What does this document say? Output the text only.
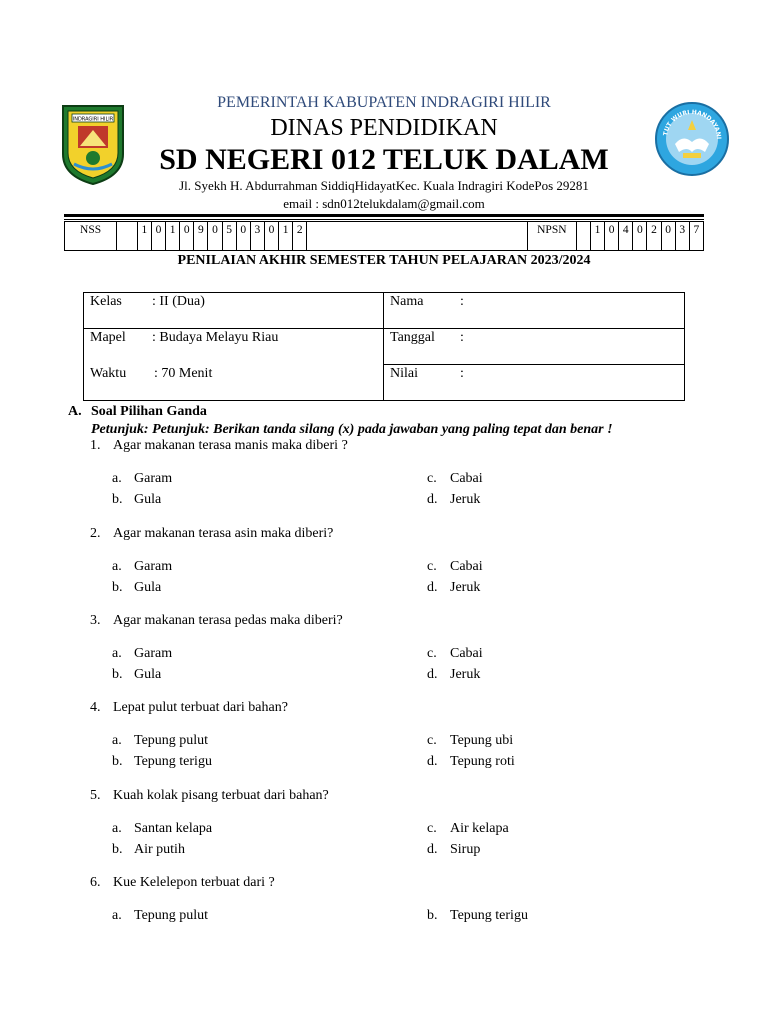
INDRAGIRI HILIR
PEMERINTAH KABUPATEN INDRAGIRI HILIR
DINAS PENDIDIKAN
SD NEGERI 012 TELUK DALAM
Jl. Syekh H. Abdurrahman SiddiqHidayatKec. Kuala Indragiri KodePos 29281
email : sdn012telukdalam@gmail.com
TUT WURI HANDAYANI
NSS		1	0	1	0	9	0	5	0	3	0	1	2		NPSN		1	0	4	0	2	0	3	7
PENILAIAN AKHIR SEMESTER TAHUN PELAJARAN 2023/2024
Kelas : II (Dua)	Nama :
Mapel : Budaya Melayu Riau	Tanggal :
Waktu : 70 Menit	Nilai :
A. Soal Pilihan Ganda
Petunjuk: Petunjuk: Berikan tanda silang (x) pada jawaban yang paling tepat dan benar !
1. Agar makanan terasa manis maka diberi ?
a. Garam
b. Gula
c. Cabai
d. Jeruk
2. Agar makanan terasa asin maka diberi?
a. Garam
b. Gula
c. Cabai
d. Jeruk
3. Agar makanan terasa pedas maka diberi?
a. Garam
b. Gula
c. Cabai
d. Jeruk
4. Lepat pulut terbuat dari bahan?
a. Tepung pulut
b. Tepung terigu
c. Tepung ubi
d. Tepung roti
5. Kuah kolak pisang terbuat dari bahan?
a. Santan kelapa
b. Air putih
c. Air kelapa
d. Sirup
6. Kue Kelelepon terbuat dari ?
a. Tepung pulut	b. Tepung terigu
